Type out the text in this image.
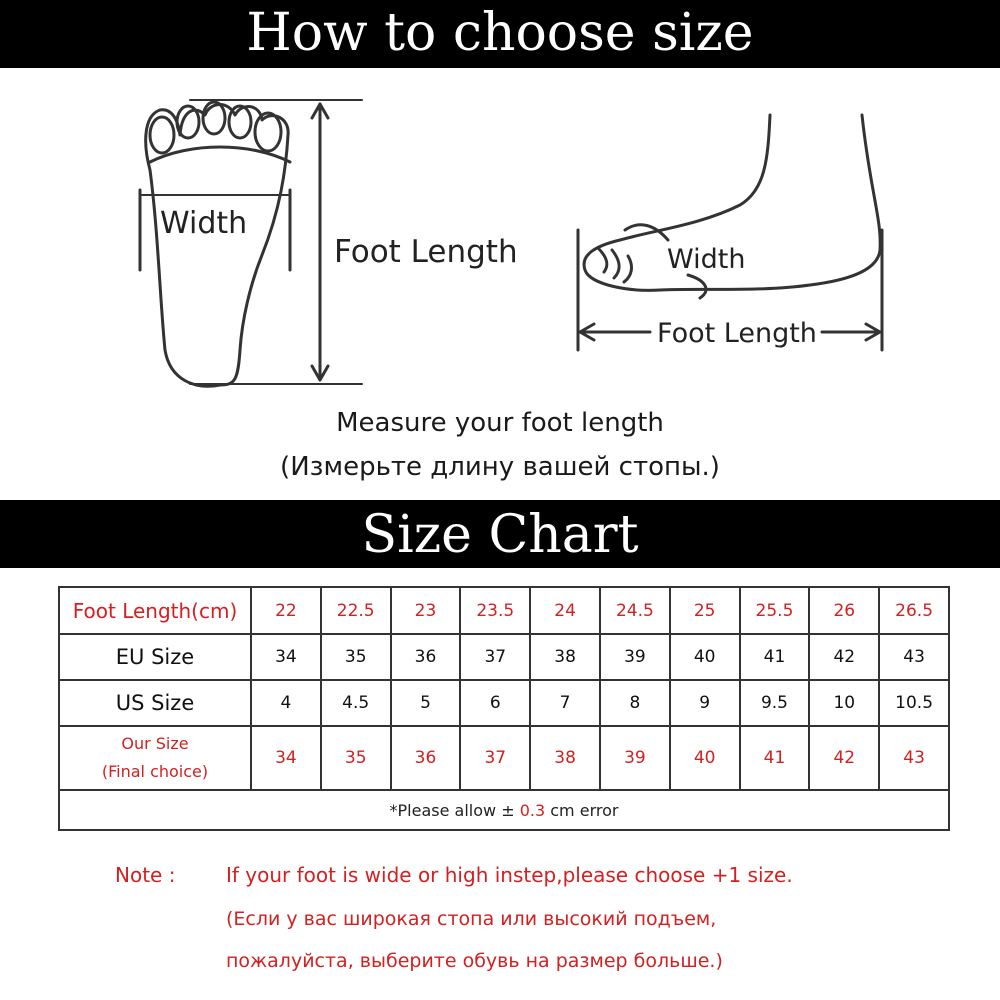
How to choose size
Width
Foot Length	Width
Foot Length
Measure your foot length
(Измерьте длину вашей стопы.)
Size Chart
Foot Length(cm)	22	22.5	23	23.5	24	24.5	25	25.5	26	26.5
EU Size	34	35	36	37	38	39	40	41	42	43
US Size	4	4.5	5	6	7	8	9	9.5	10	10.5

Our Size
(Final choice)	34	35	36	37	38	39	40	41	42	43
*Please allow ± 0.3 cm error										
Note :	If your foot is wide or high instep,please choose +1 size.
(Если у вас широкая стопа или высокий подъем,
пожалуйста, выберите обувь на размер больше.)
